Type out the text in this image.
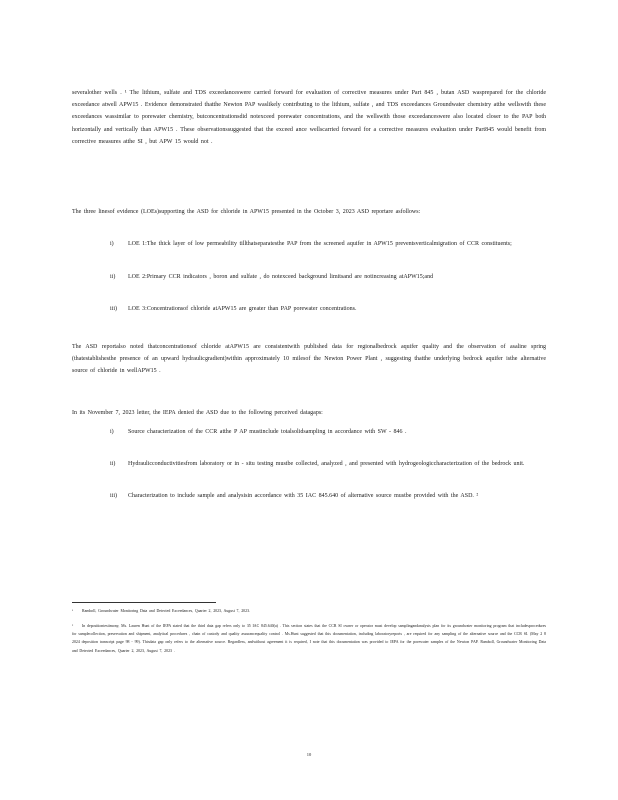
severalother wells . ¹ The lithium, sulfate and TDS exceedanceswere carried forward for evaluation of corrective measures under Part 845 , butan ASD wasprepared for the chloride exceedance atwell APW15 . Evidence demonstrated thatthe Newton PAP waslikely contributing to the lithium, sulfate , and TDS exceedances Groundwater chemistry atthe wellswith these exceedances wassimilar to porewater chemistry, butconcentrationsdid notexceed porewater concentrations, and the wellswith those exceedanceswere also located closer to the PAP both horizontally and vertically than APW15 . These observationssuggested that the exceed ance wellscarried forward for a corrective measures evaluation under Part845 would benefit from corrective measures atthe SI , but APW 15 would not .
The three linesof evidence (LOEs)supporting the ASD for chloride in APW15 presented in the October 3, 2023 ASD reportare asfollows:
i)	LOE 1:The thick layer of low permeability tillthatseparatesthe PAP from the screened aquifer in APW15 preventsverticalmigration of CCR constituents;
ii)	LOE 2:Primary CCR indicators , boron and sulfate , do notexceed background limitsand are notincreasing atAPW15;and
iii)	LOE 3:Concentrationsof chloride atAPW15 are greater than PAP porewater concentrations.
The ASD reportalso noted thatconcentrationsof chloride atAPW15 are consistentwith published data for regionalbedrock aquifer quality and the observation of asaline spring (thatestablishesthe presence of an upward hydraulicgradient)within approximately 10 milesof the Newton Power Plant , suggesting thatthe underlying bedrock aquifer isthe alternative source of chloride in wellAPW15 .
In its November 7, 2023 letter, the IEPA denied the ASD due to the following perceived datagaps:
i)	Source characterization of the CCR atthe P AP mustinclude totalsolidsampling in accordance with SW - 846 .
ii)	Hydraulicconductivitiesfrom laboratory or in - situ testing mustbe collected, analyzed , and presented with hydrogeologiccharacterization of the bedrock unit.
iii)	Characterization to include sample and analysisin accordance with 35 IAC 845.640 of alternative source mustbe provided with the ASD. ²
¹ Ramboll, Groundwater Monitoring Data and Detected Exceedances, Quarter 2, 2023, August 7, 2023.
² In depositiontestimony, Ms. Lauren Hunt of the IEPA stated that the third data gap refers only to 35 IAC 845.640(a) . This section states that the CCR SI owner or operator must develop samplingandanalysis plan for its groundwater monitoring program that includesprocedures for samplecollection, preservation and shipment, analytical procedures , chain of custody and quality assurancequality control . Ms.Hunt suggested that this documentation, including laboratoryreports , are required for any sampling of the alternative source and the CCR SI. (May 2 8 2024 deposition transcript page 98 - 99). Thisdata gap only refers to the alternative source. Regardless, andwithout agreement it is required, I note that this documentation was provided to IEPA for the porewater samples of the Newton PAP. Ramboll, Groundwater Monitoring Data and Detected Exceedances, Quarter 2, 2023, August 7, 2023 .
10
